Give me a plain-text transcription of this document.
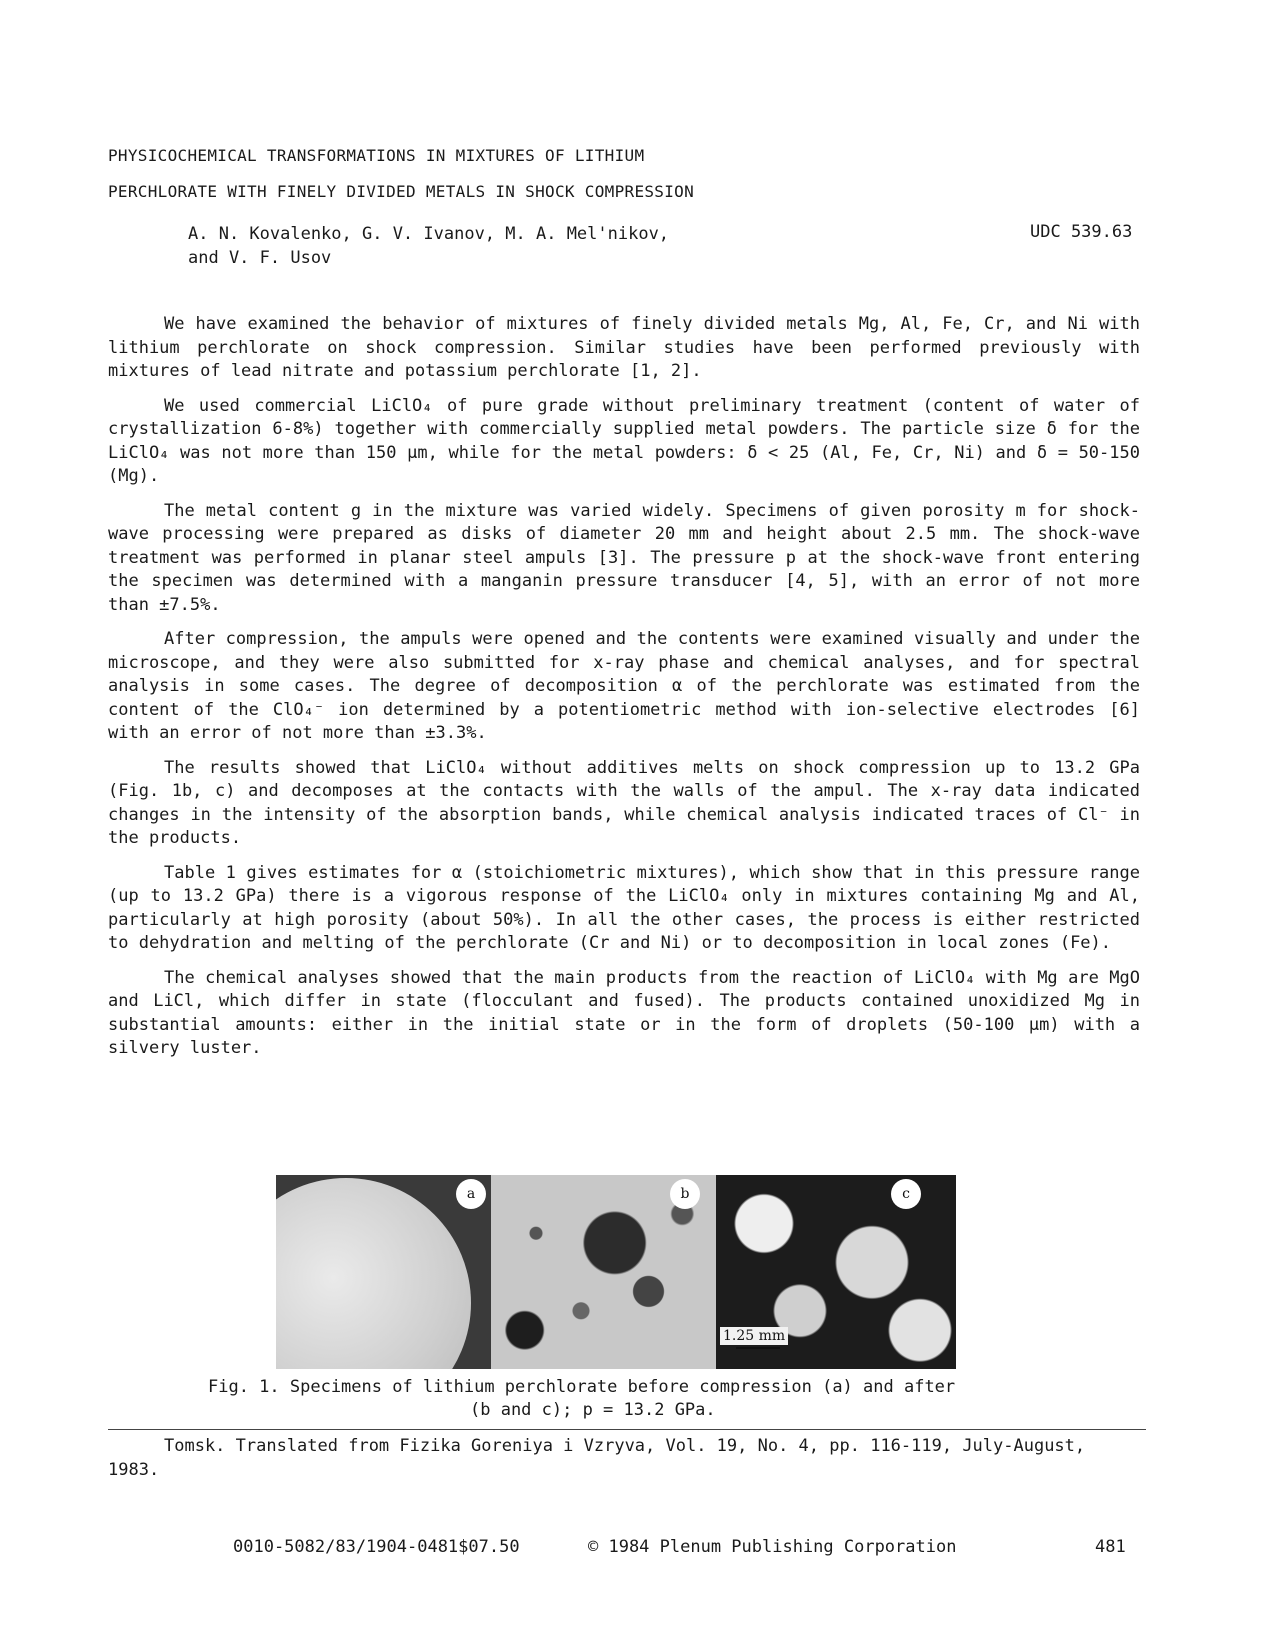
PHYSICOCHEMICAL TRANSFORMATIONS IN MIXTURES OF LITHIUM
PERCHLORATE WITH FINELY DIVIDED METALS IN SHOCK COMPRESSION
A. N. Kovalenko, G. V. Ivanov, M. A. Mel'nikov,
and V. F. Usov
UDC 539.63

We have examined the behavior of mixtures of finely divided metals Mg, Al, Fe, Cr, and Ni with lithium perchlorate on shock compression. Similar studies have been performed previously with mixtures of lead nitrate and potassium perchlorate [1, 2].

We used commercial LiClO₄ of pure grade without preliminary treatment (content of water of crystallization 6-8%) together with commercially supplied metal powders. The particle size δ for the LiClO₄ was not more than 150 μm, while for the metal powders: δ < 25 (Al, Fe, Cr, Ni) and δ = 50-150 (Mg).

The metal content g in the mixture was varied widely. Specimens of given porosity m for shock-wave processing were prepared as disks of diameter 20 mm and height about 2.5 mm. The shock-wave treatment was performed in planar steel ampuls [3]. The pressure p at the shock-wave front entering the specimen was determined with a manganin pressure transducer [4, 5], with an error of not more than ±7.5%.

After compression, the ampuls were opened and the contents were examined visually and under the microscope, and they were also submitted for x-ray phase and chemical analyses, and for spectral analysis in some cases. The degree of decomposition α of the perchlorate was estimated from the content of the ClO₄⁻ ion determined by a potentiometric method with ion-selective electrodes [6] with an error of not more than ±3.3%.

The results showed that LiClO₄ without additives melts on shock compression up to 13.2 GPa (Fig. 1b, c) and decomposes at the contacts with the walls of the ampul. The x-ray data indicated changes in the intensity of the absorption bands, while chemical analysis indicated traces of Cl⁻ in the products.

Table 1 gives estimates for α (stoichiometric mixtures), which show that in this pressure range (up to 13.2 GPa) there is a vigorous response of the LiClO₄ only in mixtures containing Mg and Al, particularly at high porosity (about 50%). In all the other cases, the process is either restricted to dehydration and melting of the perchlorate (Cr and Ni) or to decomposition in local zones (Fe).

The chemical analyses showed that the main products from the reaction of LiClO₄ with Mg are MgO and LiCl, which differ in state (flocculant and fused). The products contained unoxidized Mg in substantial amounts: either in the initial state or in the form of droplets (50-100 μm) with a silvery luster.

a	b	c
1.25 mm
Fig. 1. Specimens of lithium perchlorate before compression (a) and after
(b and c); p = 13.2 GPa.

Tomsk. Translated from Fizika Goreniya i Vzryva, Vol. 19, No. 4, pp. 116-119, July-August, 1983.

0010-5082/83/1904-0481$07.50	© 1984 Plenum Publishing Corporation	481
